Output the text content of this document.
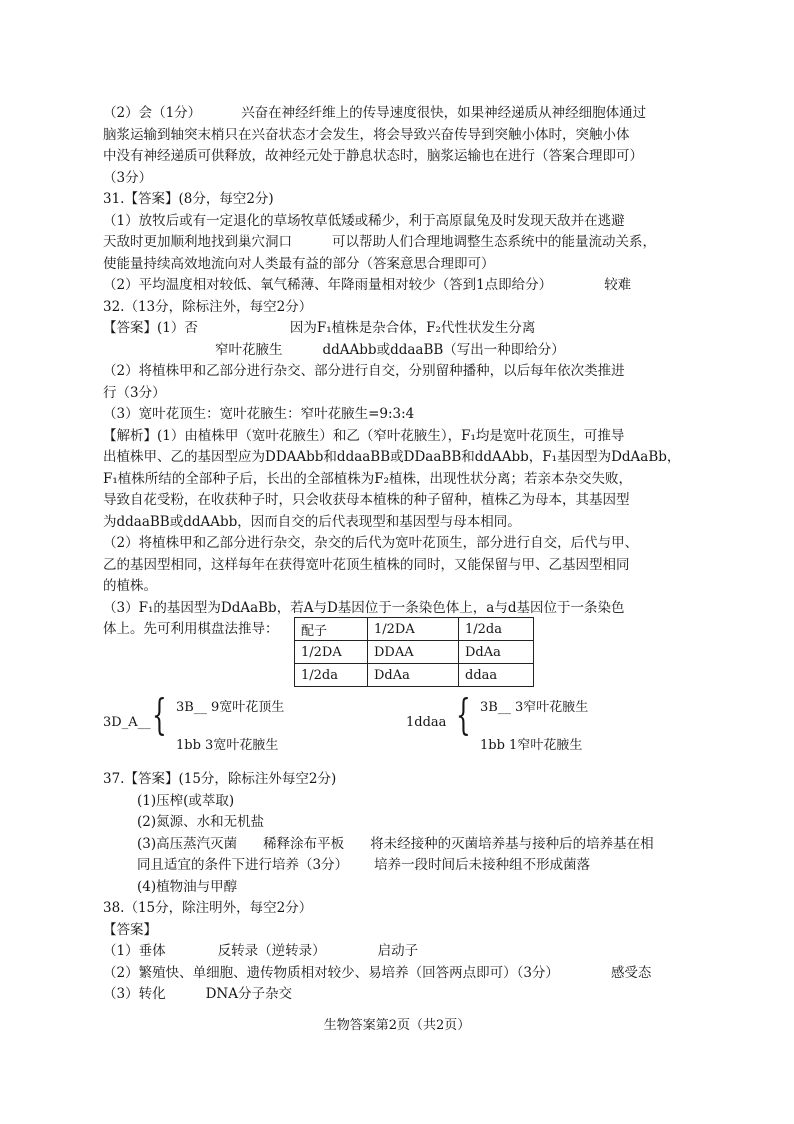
（2）会（1分）	兴奋在神经纤维上的传导速度很快，如果神经递质从神经细胞体通过
脑浆运输到轴突末梢只在兴奋状态才会发生，将会导致兴奋传导到突触小体时，突触小体
中没有神经递质可供释放，故神经元处于静息状态时，脑浆运输也在进行（答案合理即可）
（3分）
31.【答案】(8分，每空2分)
（1）放牧后或有一定退化的草场牧草低矮或稀少，利于高原鼠兔及时发现天敌并在逃避
天敌时更加顺利地找到巢穴洞口	可以帮助人们合理地调整生态系统中的能量流动关系，
使能量持续高效地流向对人类最有益的部分（答案意思合理即可）
（2）平均温度相对较低、氧气稀薄、年降雨量相对较少（答到1点即给分）	较难
32.（13分，除标注外，每空2分）
【答案】(1）否	因为F₁植株是杂合体，F₂代性状发生分离
窄叶花腋生	ddAAbb或ddaaBB（写出一种即给分）
（2）将植株甲和乙部分进行杂交、部分进行自交，分别留种播种，以后每年依次类推进
行（3分）
（3）宽叶花顶生：宽叶花腋生：窄叶花腋生=9:3:4
【解析】(1）由植株甲（宽叶花腋生）和乙（窄叶花腋生），F₁均是宽叶花顶生，可推导
出植株甲、乙的基因型应为DDAAbb和ddaaBB或DDaaBB和ddAAbb，F₁基因型为DdAaBb，
F₁植株所结的全部种子后，长出的全部植株为F₂植株，出现性状分离；若亲本杂交失败，
导致自花受粉，在收获种子时，只会收获母本植株的种子留种，植株乙为母本，其基因型
为ddaaBB或ddAAbb，因而自交的后代表现型和基因型与母本相同。
（2）将植株甲和乙部分进行杂交，杂交的后代为宽叶花顶生，部分进行自交，后代与甲、
乙的基因型相同，这样每年在获得宽叶花顶生植株的同时，又能保留与甲、乙基因型相同
的植株。
（3）F₁的基因型为DdAaBb，若A与D基因位于一条染色体上，a与d基因位于一条染色
体上。先可利用棋盘法推导：	配子	1/2DA	1/2da
1/2DA	DDAA	DdAa
1/2da	DdAa	ddaa
3D_A__ { 3B__ 9宽叶花顶生
1bb 3宽叶花腋生
1ddaa { 3B__ 3窄叶花腋生
1bb 1窄叶花腋生
37.【答案】(15分，除标注外每空2分)
(1)压榨(或萃取)
(2)氮源、水和无机盐
(3)高压蒸汽灭菌 稀释涂布平板 将未经接种的灭菌培养基与接种后的培养基在相
同且适宜的条件下进行培养（3分） 培养一段时间后未接种组不形成菌落
(4)植物油与甲醇
38.（15分，除注明外，每空2分）
【答案】
（1）垂体	反转录（逆转录）	启动子
（2）繁殖快、单细胞、遗传物质相对较少、易培养（回答两点即可）（3分）	感受态
（3）转化	DNA分子杂交
生物答案第2页（共2页）
